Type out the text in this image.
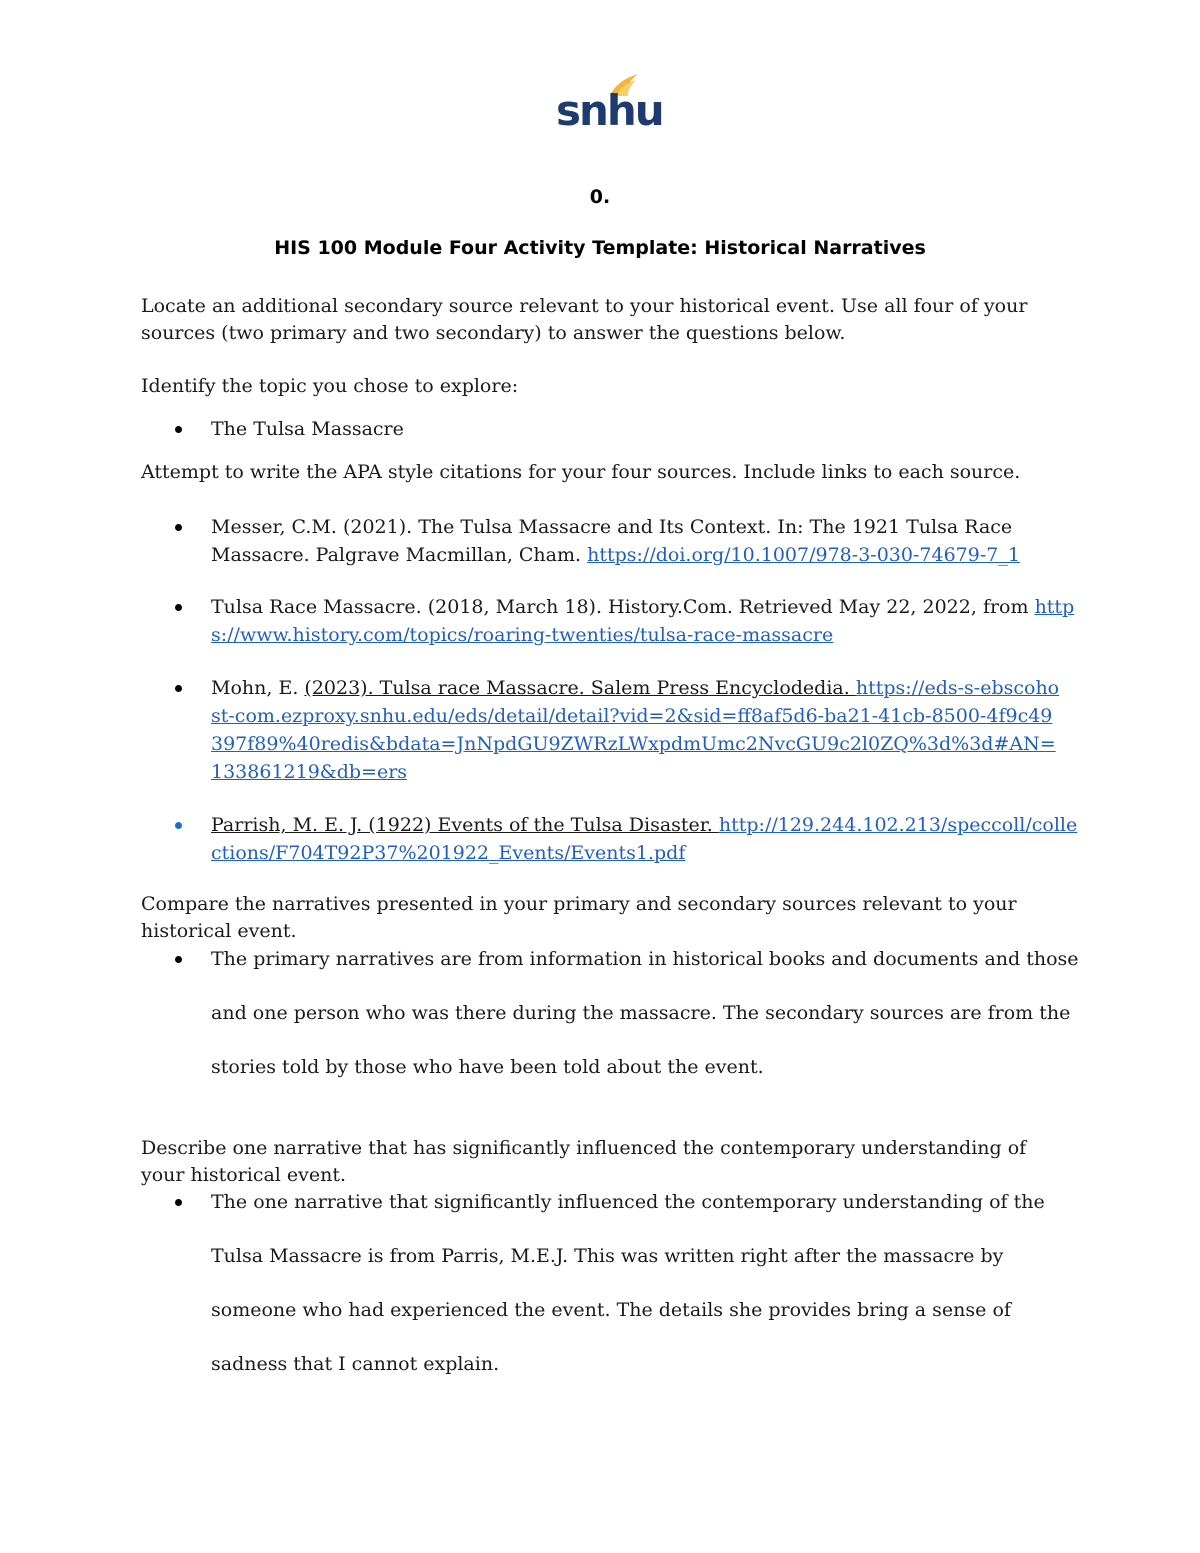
snhu
0.
HIS 100 Module Four Activity Template: Historical Narratives

Locate an additional secondary source relevant to your historical event. Use all four of your sources (two primary and two secondary) to answer the questions below.

Identify the topic you chose to explore:

The Tulsa Massacre

Attempt to write the APA style citations for your four sources. Include links to each source.

Messer, C.M. (2021). The Tulsa Massacre and Its Context. In: The 1921 Tulsa Race Massacre. Palgrave Macmillan, Cham. https://doi.org/10.1007/978-3-030-74679-7_1
Tulsa Race Massacre. (2018, March 18). History.Com. Retrieved May 22, 2022, from https://www.history.com/topics/roaring-twenties/tulsa-race-massacre
Mohn, E. (2023). Tulsa race Massacre. Salem Press Encyclodedia. https://eds-s-ebscohost-com.ezproxy.snhu.edu/eds/detail/detail?vid=2&sid=ff8af5d6-ba21-41cb-8500-4f9c49397f89%40redis&bdata=JnNpdGU9ZWRzLWxpdmUmc2NvcGU9c2l0ZQ%3d%3d#AN=133861219&db=ers
Parrish, M. E. J. (1922) Events of the Tulsa Disaster. http://129.244.102.213/speccoll/collections/F704T92P37%201922_Events/Events1.pdf

Compare the narratives presented in your primary and secondary sources relevant to your historical event.

The primary narratives are from information in historical books and documents and those and one person who was there during the massacre. The secondary sources are from the stories told by those who have been told about the event.

Describe one narrative that has significantly influenced the contemporary understanding of your historical event.

The one narrative that significantly influenced the contemporary understanding of the Tulsa Massacre is from Parris, M.E.J. This was written right after the massacre by someone who had experienced the event. The details she provides bring a sense of sadness that I cannot explain.
